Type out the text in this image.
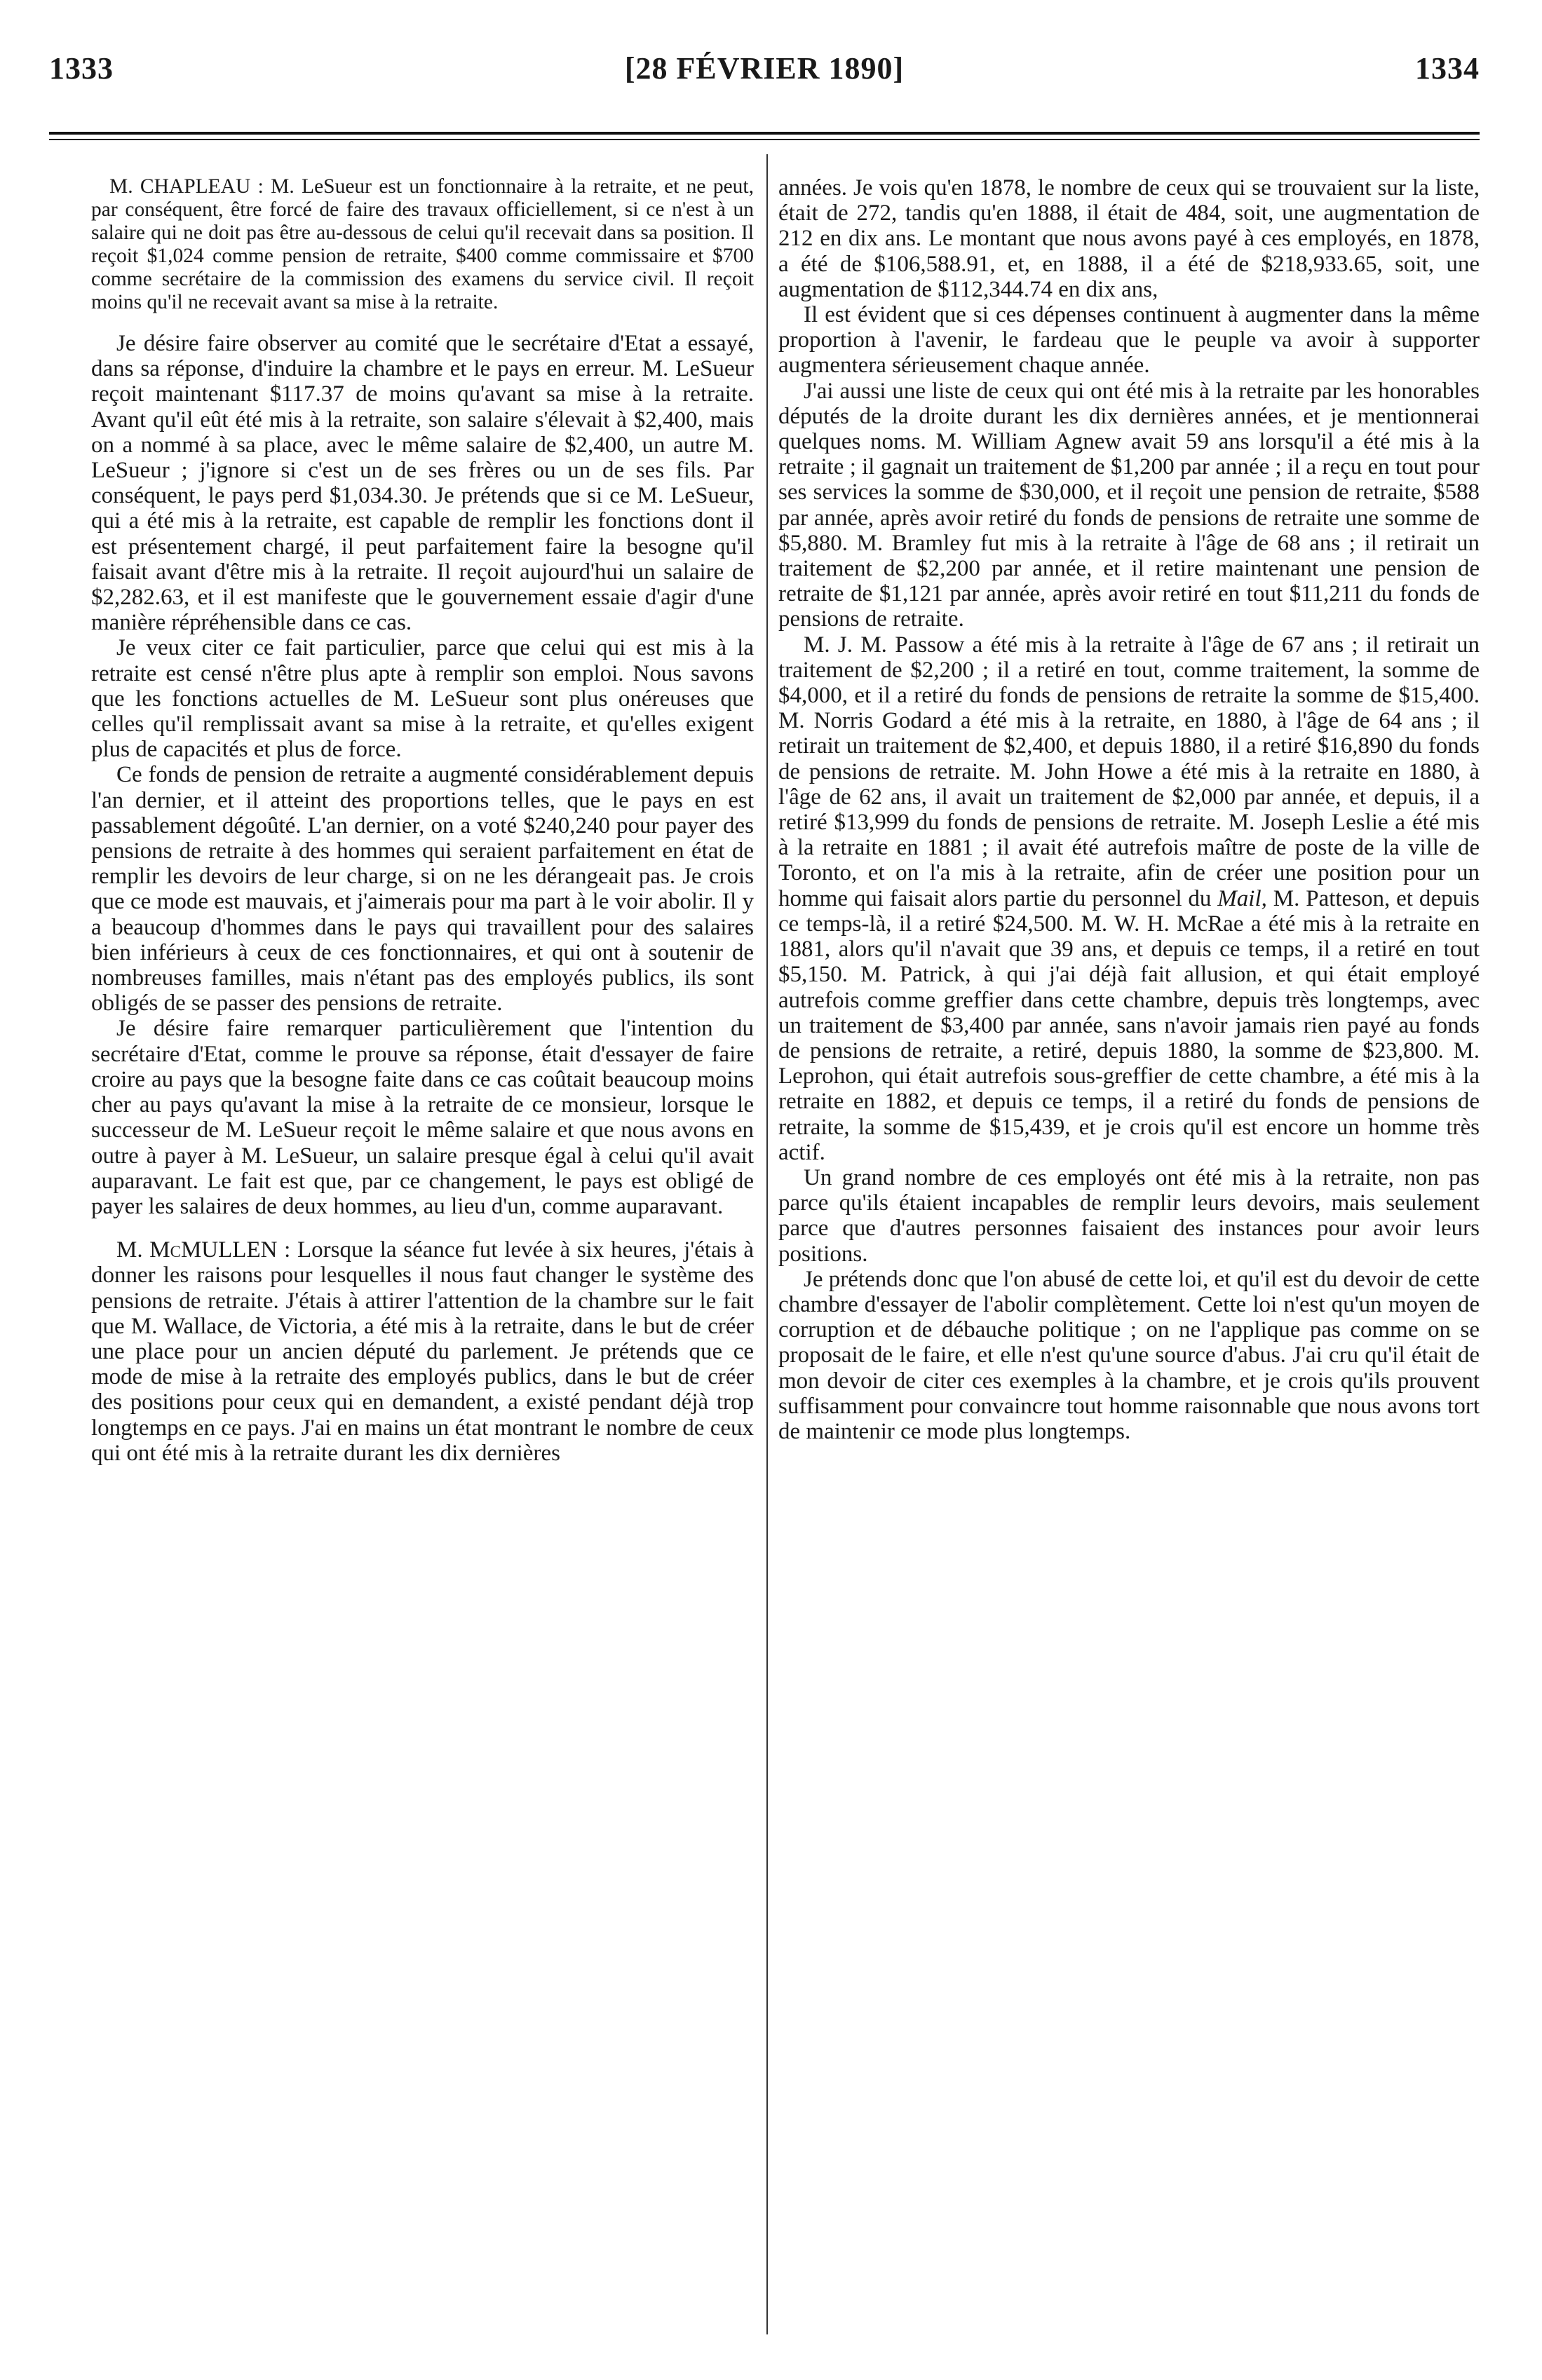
1333	[28 FÉVRIER 1890]	1334

M. CHAPLEAU : M. LeSueur est un fonctionnaire à la retraite, et ne peut, par conséquent, être forcé de faire des travaux officiellement, si ce n'est à un salaire qui ne doit pas être au-dessous de celui qu'il recevait dans sa position. Il reçoit $1,024 comme pension de retraite, $400 comme commissaire et $700 comme secrétaire de la commission des examens du service civil. Il reçoit moins qu'il ne recevait avant sa mise à la retraite.

Je désire faire observer au comité que le secrétaire d'Etat a essayé, dans sa réponse, d'induire la chambre et le pays en erreur. M. LeSueur reçoit maintenant $117.37 de moins qu'avant sa mise à la retraite. Avant qu'il eût été mis à la retraite, son salaire s'élevait à $2,400, mais on a nommé à sa place, avec le même salaire de $2,400, un autre M. LeSueur ; j'ignore si c'est un de ses frères ou un de ses fils. Par conséquent, le pays perd $1,034.30. Je prétends que si ce M. LeSueur, qui a été mis à la retraite, est capable de remplir les fonctions dont il est présentement chargé, il peut parfaitement faire la besogne qu'il faisait avant d'être mis à la retraite. Il reçoit aujourd'hui un salaire de $2,282.63, et il est manifeste que le gouvernement essaie d'agir d'une manière répréhensible dans ce cas.

Je veux citer ce fait particulier, parce que celui qui est mis à la retraite est censé n'être plus apte à remplir son emploi. Nous savons que les fonctions actuelles de M. LeSueur sont plus onéreuses que celles qu'il remplissait avant sa mise à la retraite, et qu'elles exigent plus de capacités et plus de force.

Ce fonds de pension de retraite a augmenté considérablement depuis l'an dernier, et il atteint des proportions telles, que le pays en est passablement dégoûté. L'an dernier, on a voté $240,240 pour payer des pensions de retraite à des hommes qui seraient parfaitement en état de remplir les devoirs de leur charge, si on ne les dérangeait pas. Je crois que ce mode est mauvais, et j'aimerais pour ma part à le voir abolir. Il y a beaucoup d'hommes dans le pays qui travaillent pour des salaires bien inférieurs à ceux de ces fonctionnaires, et qui ont à soutenir de nombreuses familles, mais n'étant pas des employés publics, ils sont obligés de se passer des pensions de retraite.

Je désire faire remarquer particulièrement que l'intention du secrétaire d'Etat, comme le prouve sa réponse, était d'essayer de faire croire au pays que la besogne faite dans ce cas coûtait beaucoup moins cher au pays qu'avant la mise à la retraite de ce monsieur, lorsque le successeur de M. LeSueur reçoit le même salaire et que nous avons en outre à payer à M. LeSueur, un salaire presque égal à celui qu'il avait auparavant. Le fait est que, par ce changement, le pays est obligé de payer les salaires de deux hommes, au lieu d'un, comme auparavant.

M. McMULLEN : Lorsque la séance fut levée à six heures, j'étais à donner les raisons pour lesquelles il nous faut changer le système des pensions de retraite. J'étais à attirer l'attention de la chambre sur le fait que M. Wallace, de Victoria, a été mis à la retraite, dans le but de créer une place pour un ancien député du parlement. Je prétends que ce mode de mise à la retraite des employés publics, dans le but de créer des positions pour ceux qui en demandent, a existé pendant déjà trop longtemps en ce pays. J'ai en mains un état montrant le nombre de ceux qui ont été mis à la retraite durant les dix dernières

années. Je vois qu'en 1878, le nombre de ceux qui se trouvaient sur la liste, était de 272, tandis qu'en 1888, il était de 484, soit, une augmentation de 212 en dix ans. Le montant que nous avons payé à ces employés, en 1878, a été de $106,588.91, et, en 1888, il a été de $218,933.65, soit, une augmentation de $112,344.74 en dix ans,

Il est évident que si ces dépenses continuent à augmenter dans la même proportion à l'avenir, le fardeau que le peuple va avoir à supporter augmentera sérieusement chaque année.

J'ai aussi une liste de ceux qui ont été mis à la retraite par les honorables députés de la droite durant les dix dernières années, et je mentionnerai quelques noms. M. William Agnew avait 59 ans lorsqu'il a été mis à la retraite ; il gagnait un traitement de $1,200 par année ; il a reçu en tout pour ses services la somme de $30,000, et il reçoit une pension de retraite, $588 par année, après avoir retiré du fonds de pensions de retraite une somme de $5,880. M. Bramley fut mis à la retraite à l'âge de 68 ans ; il retirait un traitement de $2,200 par année, et il retire maintenant une pension de retraite de $1,121 par année, après avoir retiré en tout $11,211 du fonds de pensions de retraite.

M. J. M. Passow a été mis à la retraite à l'âge de 67 ans ; il retirait un traitement de $2,200 ; il a retiré en tout, comme traitement, la somme de $4,000, et il a retiré du fonds de pensions de retraite la somme de $15,400. M. Norris Godard a été mis à la retraite, en 1880, à l'âge de 64 ans ; il retirait un traitement de $2,400, et depuis 1880, il a retiré $16,890 du fonds de pensions de retraite. M. John Howe a été mis à la retraite en 1880, à l'âge de 62 ans, il avait un traitement de $2,000 par année, et depuis, il a retiré $13,999 du fonds de pensions de retraite. M. Joseph Leslie a été mis à la retraite en 1881 ; il avait été autrefois maître de poste de la ville de Toronto, et on l'a mis à la retraite, afin de créer une position pour un homme qui faisait alors partie du personnel du Mail, M. Patteson, et depuis ce temps-là, il a retiré $24,500. M. W. H. McRae a été mis à la retraite en 1881, alors qu'il n'avait que 39 ans, et depuis ce temps, il a retiré en tout $5,150. M. Patrick, à qui j'ai déjà fait allusion, et qui était employé autrefois comme greffier dans cette chambre, depuis très longtemps, avec un traitement de $3,400 par année, sans n'avoir jamais rien payé au fonds de pensions de retraite, a retiré, depuis 1880, la somme de $23,800. M. Leprohon, qui était autrefois sous-greffier de cette chambre, a été mis à la retraite en 1882, et depuis ce temps, il a retiré du fonds de pensions de retraite, la somme de $15,439, et je crois qu'il est encore un homme très actif.

Un grand nombre de ces employés ont été mis à la retraite, non pas parce qu'ils étaient incapables de remplir leurs devoirs, mais seulement parce que d'autres personnes faisaient des instances pour avoir leurs positions.

Je prétends donc que l'on abusé de cette loi, et qu'il est du devoir de cette chambre d'essayer de l'abolir complètement. Cette loi n'est qu'un moyen de corruption et de débauche politique ; on ne l'applique pas comme on se proposait de le faire, et elle n'est qu'une source d'abus. J'ai cru qu'il était de mon devoir de citer ces exemples à la chambre, et je crois qu'ils prouvent suffisamment pour convaincre tout homme raisonnable que nous avons tort de maintenir ce mode plus longtemps.
